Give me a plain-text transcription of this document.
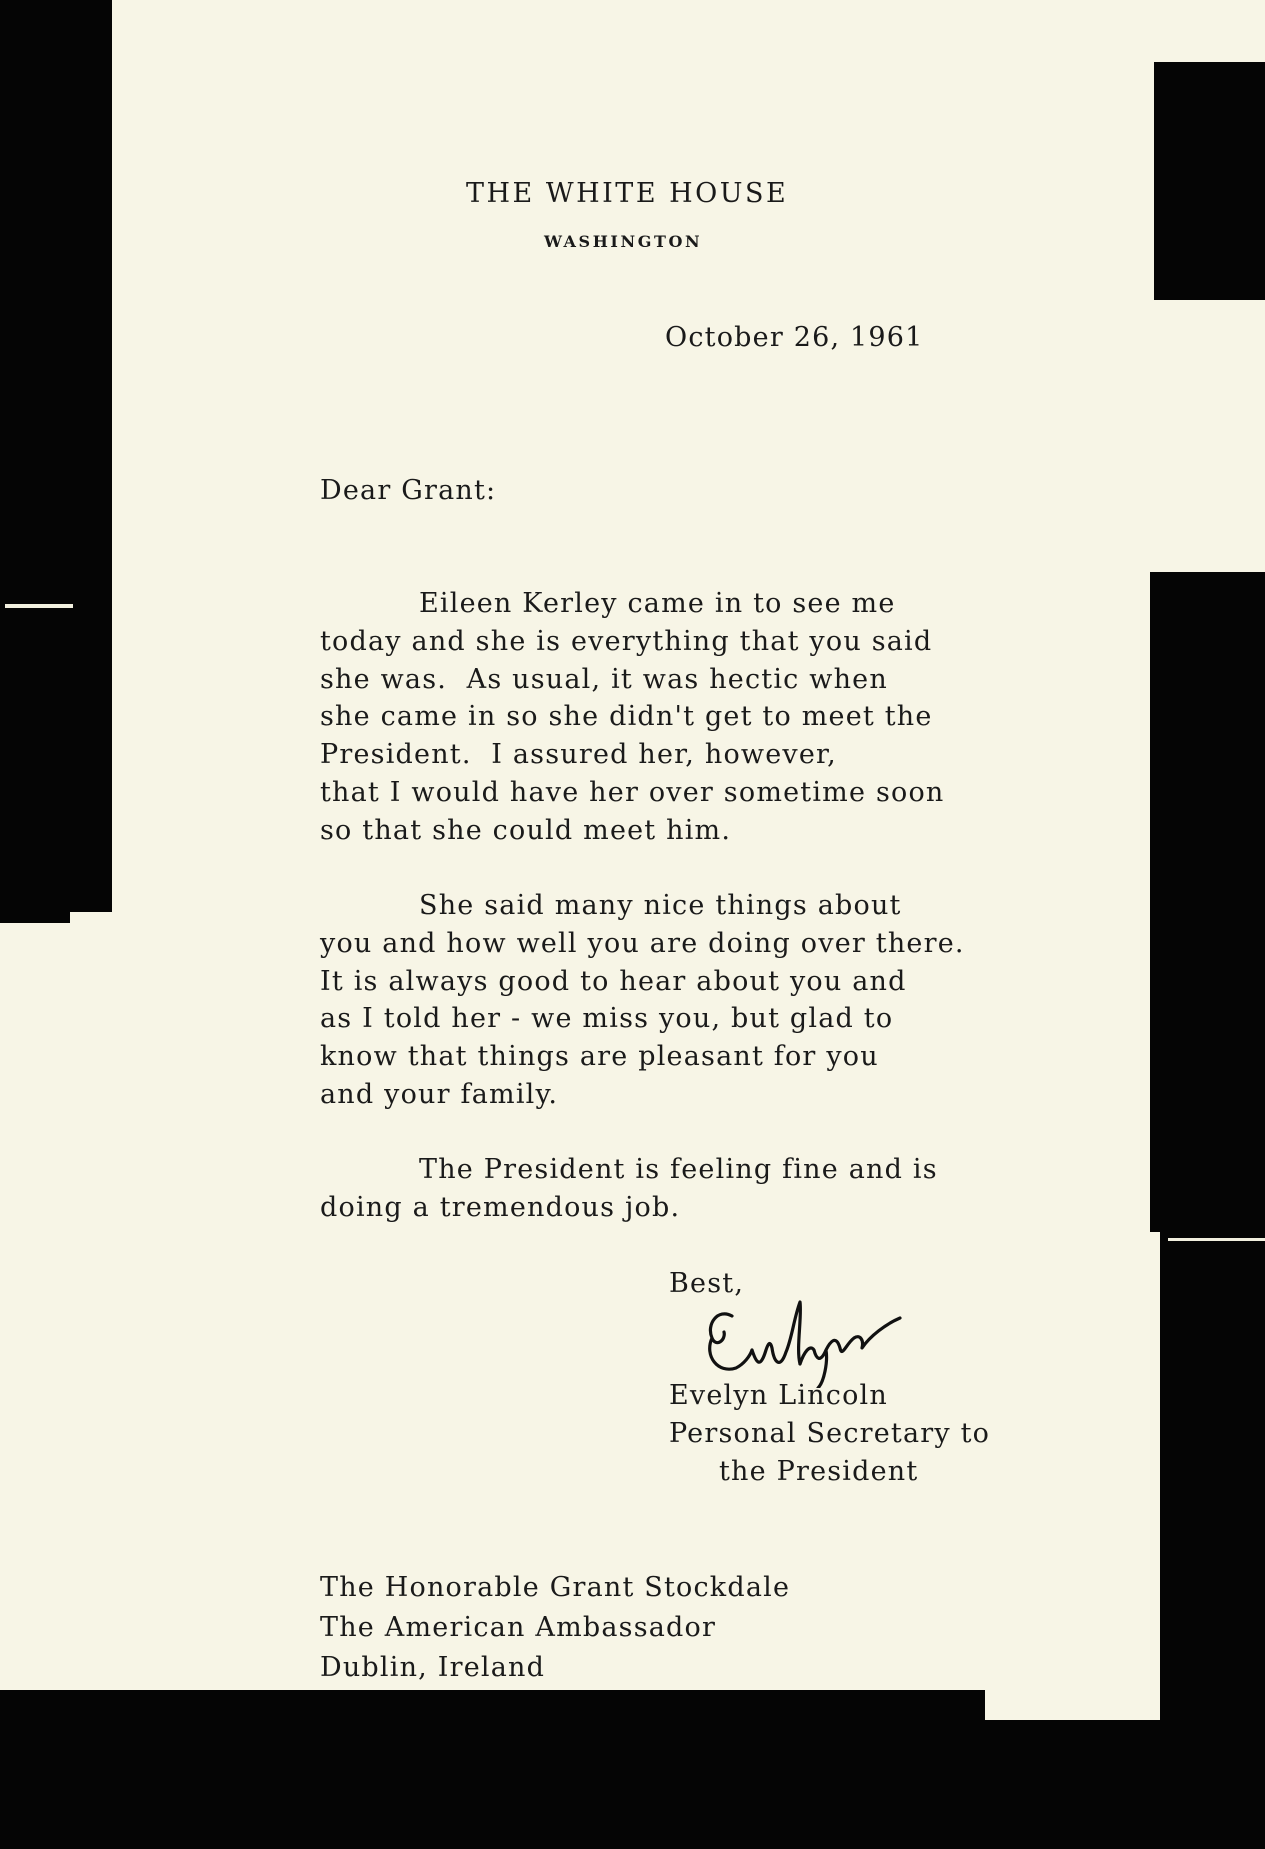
THE WHITE HOUSE

WASHINGTON

October 26, 1961

Dear Grant:

Eileen Kerley came in to see me
today and she is everything that you said
she was.  As usual, it was hectic when
she came in so she didn't get to meet the
President.  I assured her, however,
that I would have her over sometime soon
so that she could meet him.
She said many nice things about
you and how well you are doing over there.
It is always good to hear about you and
as I told her - we miss you, but glad to
know that things are pleasant for you
and your family.
The President is feeling fine and is
doing a tremendous job.

Best,

Evelyn Lincoln

Personal Secretary to

the President

The Honorable Grant Stockdale
The American Ambassador
Dublin, Ireland
